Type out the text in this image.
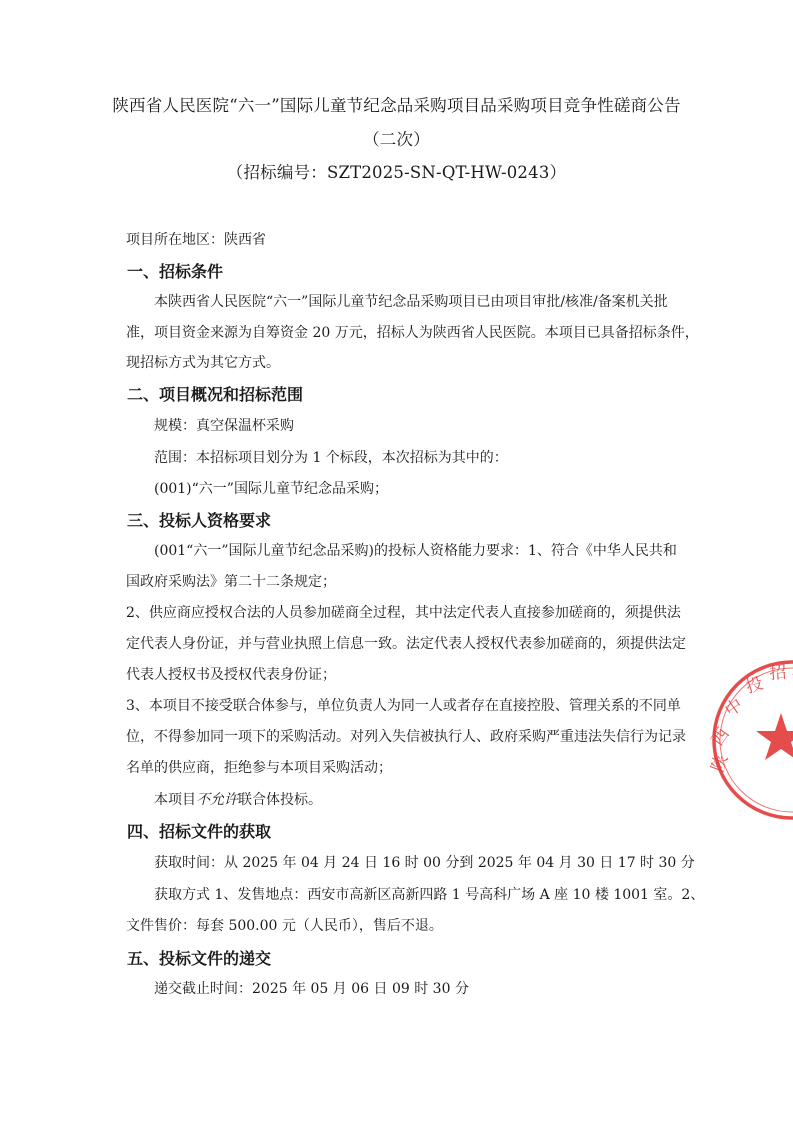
陕西省人民医院“六一”国际儿童节纪念品采购项目品采购项目竞争性磋商公告
（二次）
（招标编号：SZT2025-SN-QT-HW-0243）
项目所在地区：陕西省
一、招标条件
本陕西省人民医院“六一”国际儿童节纪念品采购项目已由项目审批/核准/备案机关批
准，项目资金来源为自筹资金 20 万元，招标人为陕西省人民医院。本项目已具备招标条件，
现招标方式为其它方式。
二、项目概况和招标范围
规模：真空保温杯采购
范围：本招标项目划分为 1 个标段，本次招标为其中的：
(001)“六一”国际儿童节纪念品采购；
三、投标人资格要求
(001“六一”国际儿童节纪念品采购)的投标人资格能力要求：1、符合《中华人民共和
国政府采购法》第二十二条规定；
2、供应商应授权合法的人员参加磋商全过程，其中法定代表人直接参加磋商的，须提供法
定代表人身份证，并与营业执照上信息一致。法定代表人授权代表参加磋商的，须提供法定
代表人授权书及授权代表身份证；
3、本项目不接受联合体参与，单位负责人为同一人或者存在直接控股、管理关系的不同单
位，不得参加同一项下的采购活动。对列入失信被执行人、政府采购严重违法失信行为记录
名单的供应商，拒绝参与本项目采购活动；
本项目不允许联合体投标。
四、招标文件的获取
获取时间：从 2025 年 04 月 24 日 16 时 00 分到 2025 年 04 月 30 日 17 时 30 分
获取方式 1、发售地点：西安市高新区高新四路 1 号高科广场 A 座 10 楼 1001 室。2、
文件售价：每套 500.00 元（人民币），售后不退。
五、投标文件的递交
递交截止时间：2025 年 05 月 06 日 09 时 30 分
陕
西
中
投
招
